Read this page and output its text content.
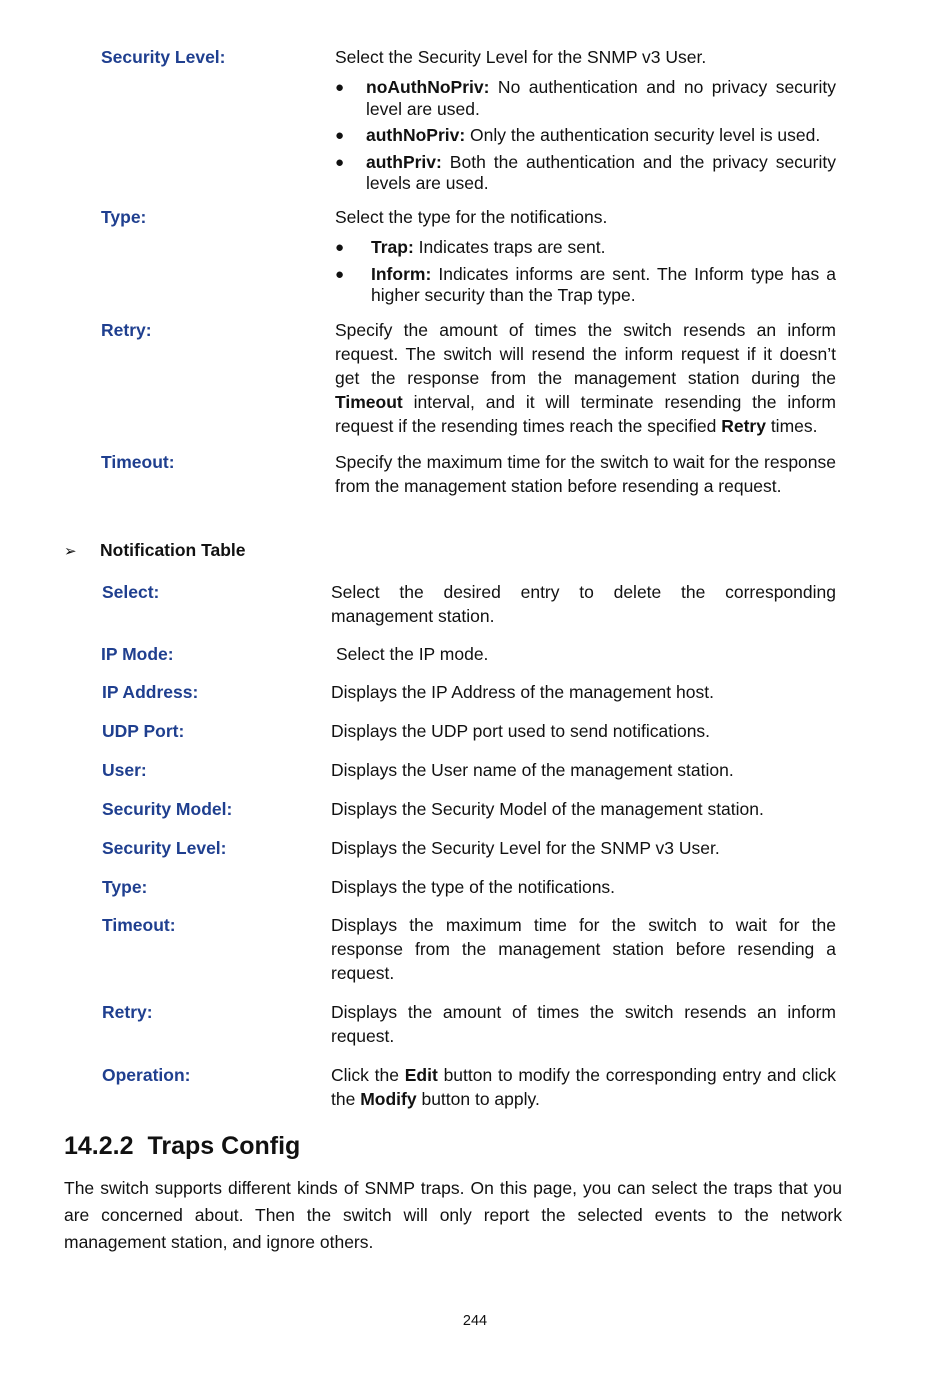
Security Level:	Select the Security Level for the SNMP v3 User.

● noAuthNoPriv: No authentication and no privacy security level are used.
● authNoPriv: Only the authentication security level is used.
● authPriv: Both the authentication and the privacy security levels are used.

Type:	Select the type for the notifications.

● Trap: Indicates traps are sent.
● Inform: Indicates informs are sent. The Inform type has a higher security than the Trap type.

Retry:	Specify the amount of times the switch resends an inform request. The switch will resend the inform request if it doesn’t get the response from the management station during the Timeout interval, and it will terminate resending the inform request if the resending times reach the specified Retry times.

Timeout:	Specify the maximum time for the switch to wait for the response from the management station before resending a request.

➢ Notification Table

Select:	Select the desired entry to delete the corresponding management station.

IP Mode:	Select the IP mode.

IP Address:	Displays the IP Address of the management host.

UDP Port:	Displays the UDP port used to send notifications.

User:	Displays the User name of the management station.

Security Model:	Displays the Security Model of the management station.

Security Level:	Displays the Security Level for the SNMP v3 User.

Type:	Displays the type of the notifications.

Timeout:	Displays the maximum time for the switch to wait for the response from the management station before resending a request.

Retry:	Displays the amount of times the switch resends an inform request.

Operation:	Click the Edit button to modify the corresponding entry and click the Modify button to apply.

14.2.2 Traps Config

The switch supports different kinds of SNMP traps. On this page, you can select the traps that you are concerned about. Then the switch will only report the selected events to the network management station, and ignore others.

244
